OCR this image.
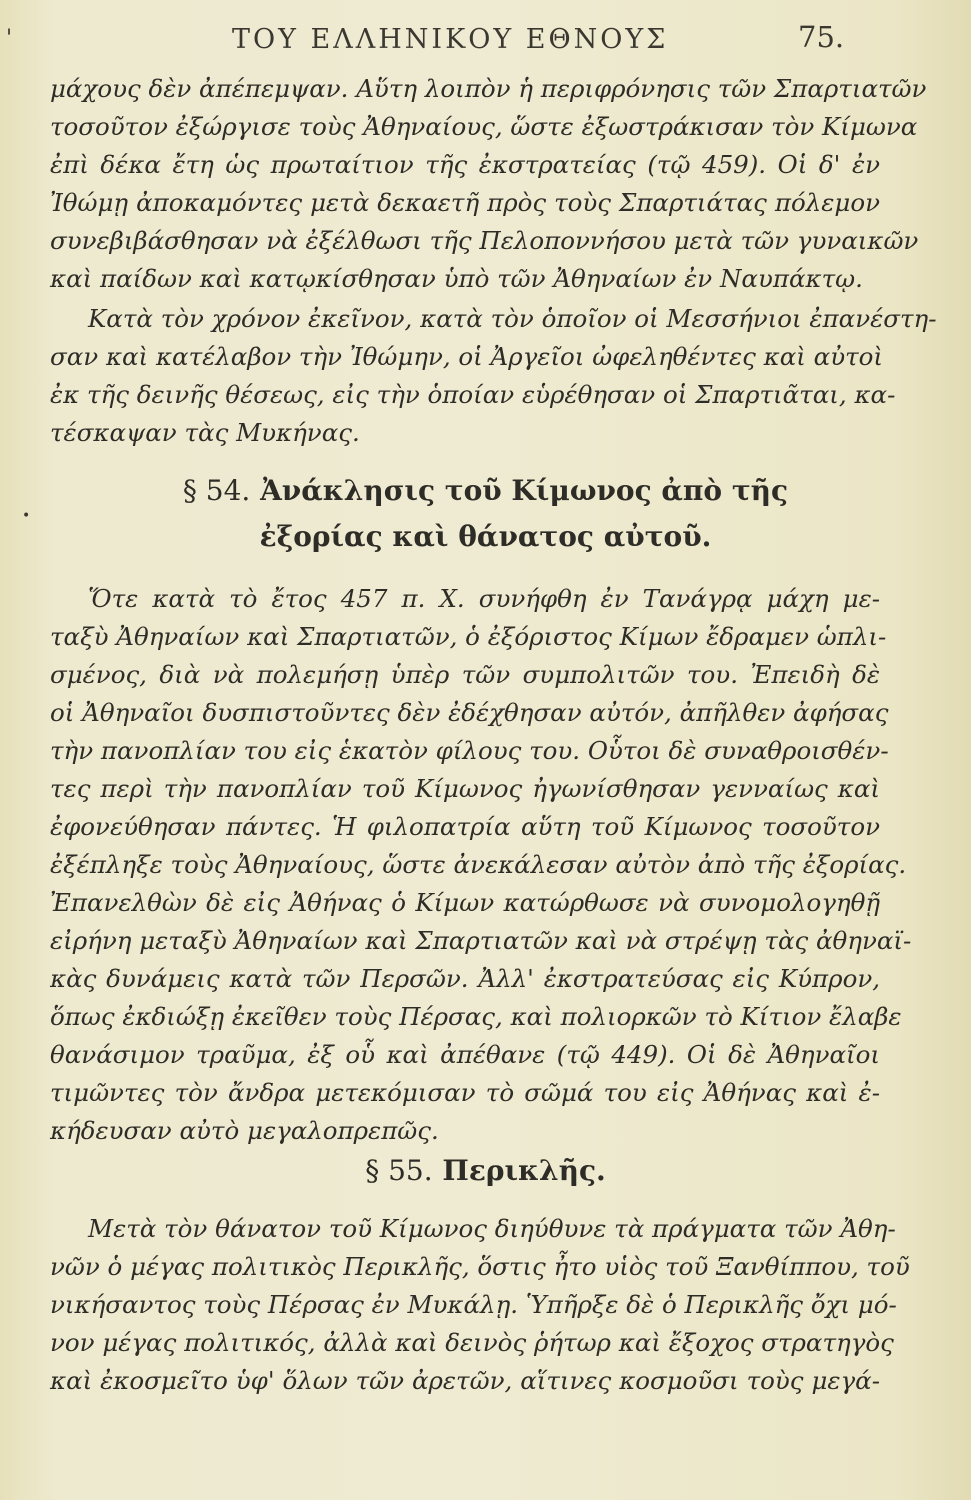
'
•
ΤΟΥ ΕΛΛΗΝΙΚΟΥ ΕΘΝΟΥΣ	75.
μάχους δὲν ἀπέπεμψαν. Αὕτη λοιπὸν ἡ περιφρόνησις τῶν Σπαρτιατῶν
τοσοῦτον ἐξώργισε τοὺς Ἀθηναίους, ὥστε ἐξωστράκισαν τὸν Κίμωνα
ἐπὶ δέκα ἔτη ὡς πρωταίτιον τῆς ἐκστρατείας (τῷ 459). Οἱ δ' ἐν
Ἰθώμῃ ἀποκαμόντες μετὰ δεκαετῆ πρὸς τοὺς Σπαρτιάτας πόλεμον
συνεβιβάσθησαν νὰ ἐξέλθωσι τῆς Πελοποννήσου μετὰ τῶν γυναικῶν
καὶ παίδων καὶ κατῳκίσθησαν ὑπὸ τῶν Ἀθηναίων ἐν Ναυπάκτῳ.
Κατὰ τὸν χρόνον ἐκεῖνον, κατὰ τὸν ὁποῖον οἱ Μεσσήνιοι ἐπανέστη-
σαν καὶ κατέλαβον τὴν Ἰθώμην, οἱ Ἀργεῖοι ὠφεληθέντες καὶ αὐτοὶ
ἐκ τῆς δεινῆς θέσεως, εἰς τὴν ὁποίαν εὑρέθησαν οἱ Σπαρτιᾶται, κα-
τέσκαψαν τὰς Μυκήνας.
§ 54. Ἀνάκλησις τοῦ Κίμωνος ἀπὸ τῆς
ἐξορίας καὶ θάνατος αὐτοῦ.
Ὅτε κατὰ τὸ ἔτος 457 π. Χ. συνήφθη ἐν Τανάγρᾳ μάχη με-
ταξὺ Ἀθηναίων καὶ Σπαρτιατῶν, ὁ ἐξόριστος Κίμων ἔδραμεν ὡπλι-
σμένος, διὰ νὰ πολεμήσῃ ὑπὲρ τῶν συμπολιτῶν του. Ἐπειδὴ δὲ
οἱ Ἀθηναῖοι δυσπιστοῦντες δὲν ἐδέχθησαν αὐτόν, ἀπῆλθεν ἀφήσας
τὴν πανοπλίαν του εἰς ἑκατὸν φίλους του. Οὗτοι δὲ συναθροισθέν-
τες περὶ τὴν πανοπλίαν τοῦ Κίμωνος ἠγωνίσθησαν γενναίως καὶ
ἐφονεύθησαν πάντες. Ἡ φιλοπατρία αὕτη τοῦ Κίμωνος τοσοῦτον
ἐξέπληξε τοὺς Ἀθηναίους, ὥστε ἀνεκάλεσαν αὐτὸν ἀπὸ τῆς ἐξορίας.
Ἐπανελθὼν δὲ εἰς Ἀθήνας ὁ Κίμων κατώρθωσε νὰ συνομολογηθῇ
εἰρήνη μεταξὺ Ἀθηναίων καὶ Σπαρτιατῶν καὶ νὰ στρέψῃ τὰς ἀθηναϊ-
κὰς δυνάμεις κατὰ τῶν Περσῶν. Ἀλλ' ἐκστρατεύσας εἰς Κύπρον,
ὅπως ἐκδιώξῃ ἐκεῖθεν τοὺς Πέρσας, καὶ πολιορκῶν τὸ Κίτιον ἔλαβε
θανάσιμον τραῦμα, ἐξ οὗ καὶ ἀπέθανε (τῷ 449). Οἱ δὲ Ἀθηναῖοι
τιμῶντες τὸν ἄνδρα μετεκόμισαν τὸ σῶμά του εἰς Ἀθήνας καὶ ἐ-
κήδευσαν αὐτὸ μεγαλοπρεπῶς.
§ 55. Περικλῆς.
Μετὰ τὸν θάνατον τοῦ Κίμωνος διηύθυνε τὰ πράγματα τῶν Ἀθη-
νῶν ὁ μέγας πολιτικὸς Περικλῆς, ὅστις ἦτο υἱὸς τοῦ Ξανθίππου, τοῦ
νικήσαντος τοὺς Πέρσας ἐν Μυκάλῃ. Ὑπῆρξε δὲ ὁ Περικλῆς ὄχι μό-
νον μέγας πολιτικός, ἀλλὰ καὶ δεινὸς ῥήτωρ καὶ ἔξοχος στρατηγὸς
καὶ ἐκοσμεῖτο ὑφ' ὅλων τῶν ἀρετῶν, αἵτινες κοσμοῦσι τοὺς μεγά-
